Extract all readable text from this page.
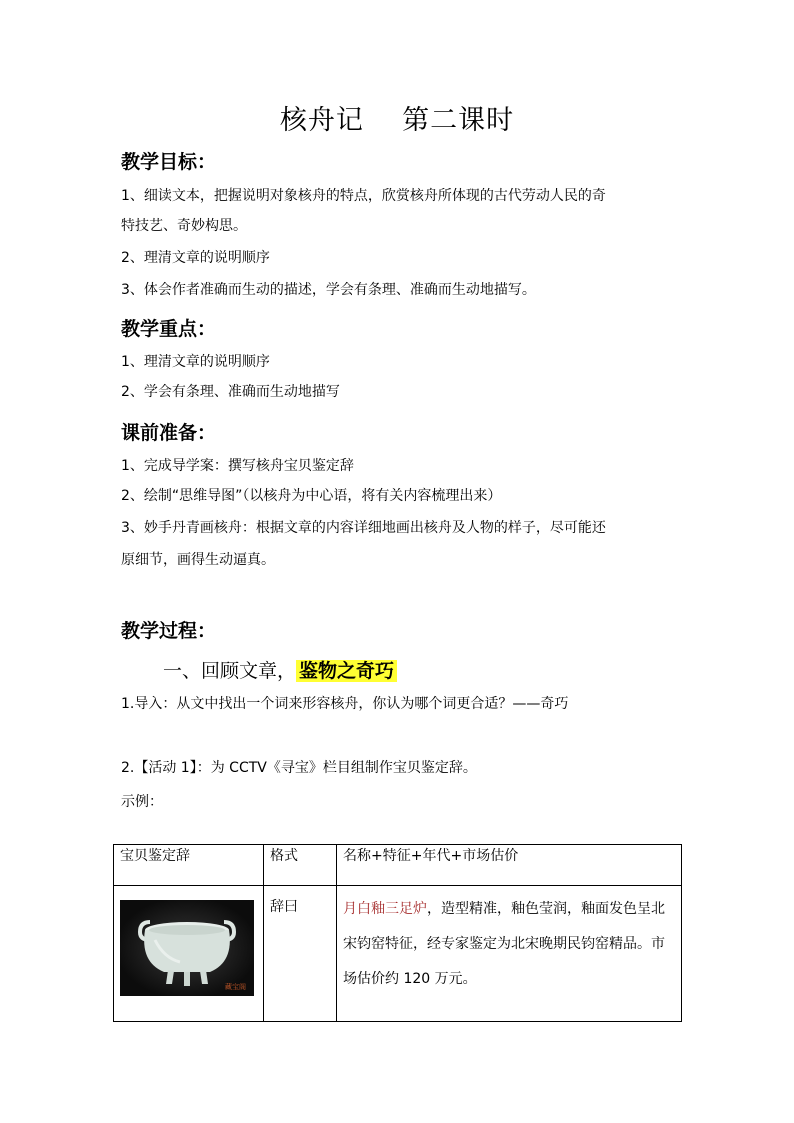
核舟记    第二课时
教学目标：
1、细读文本，把握说明对象核舟的特点，欣赏核舟所体现的古代劳动人民的奇
特技艺、奇妙构思。
2、理清文章的说明顺序
3、体会作者准确而生动的描述，学会有条理、准确而生动地描写。
教学重点：
1、理清文章的说明顺序
2、学会有条理、准确而生动地描写
课前准备：
1、完成导学案：撰写核舟宝贝鉴定辞
2、绘制“思维导图”（以核舟为中心语，将有关内容梳理出来）
3、妙手丹青画核舟：根据文章的内容详细地画出核舟及人物的样子，尽可能还
原细节，画得生动逼真。
教学过程：
一、回顾文章， 鉴物之奇巧
1.导入：从文中找出一个词来形容核舟，你认为哪个词更合适？——奇巧
2.【活动 1】：为 CCTV《寻宝》栏目组制作宝贝鉴定辞。
示例：
宝贝鉴定辞	格式	名称+特征+年代+市场估价

藏宝阁	辞曰	月白釉三足炉，造型精准，釉色莹润，釉面发色呈北宋钧窑特征，经专家鉴定为北宋晚期民钧窑精品。市场估价约 120 万元。
